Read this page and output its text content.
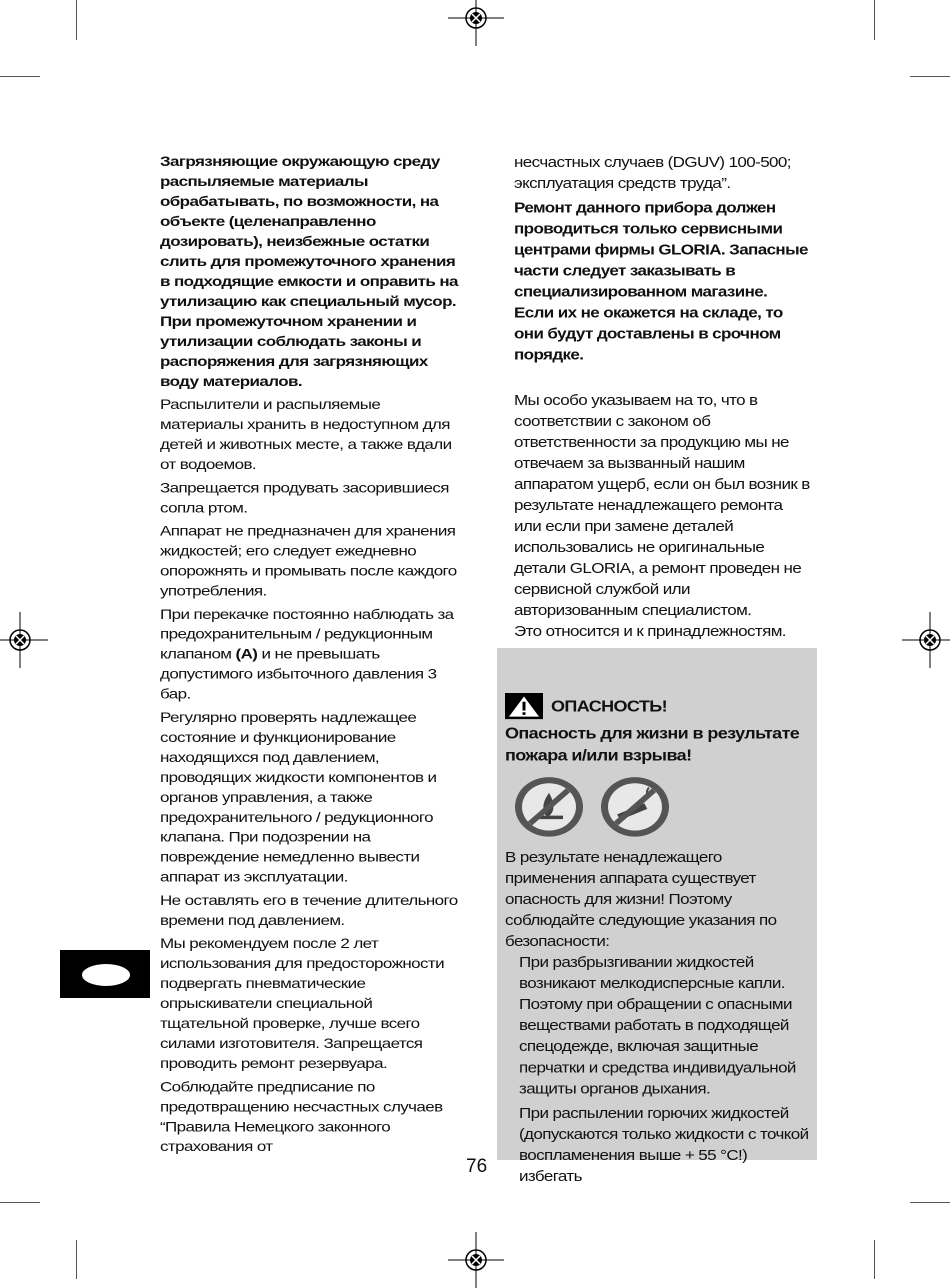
Загрязняющие окружающую среду распыляемые материалы обрабатывать, по возможности, на объекте (целенаправленно дозировать), неизбежные остатки слить для промежуточного хранения в подходящие емкости и оправить на утилизацию как специальный мусор. При промежуточном хранении и утилизации соблюдать законы и распоряжения для загрязняющих воду материалов.

Распылители и распыляемые материалы хранить в недоступном для детей и животных месте, а также вдали от водоемов.

Запрещается продувать засорившиеся сопла ртом.

Аппарат не предназначен для хранения жидкостей; его следует ежедневно опорожнять и промывать после каждого употребления.

При перекачке постоянно наблюдать за предохранительным / редукционным клапаном (A) и не превышать допустимого избыточного давления 3 бар.

Регулярно проверять надлежащее состояние и функционирование находящихся под давлением, проводящих жидкости компонентов и органов управления, а также предохранительного / редукционного клапана. При подозрении на повреждение немедленно вывести аппарат из эксплуатации.

Не оставлять его в течение длительного времени под давлением.

Мы рекомендуем после 2 лет использования для предосторожности подвергать пневматические опрыскиватели специальной тщательной проверке, лучше всего силами изготовителя. Запрещается проводить ремонт резервуара.

Соблюдайте предписание по предотвращению несчастных случаев “Правила Немецкого законного страхования от

несчастных случаев (DGUV) 100-500; эксплуатация средств труда”.

Ремонт данного прибора должен проводиться только сервисными центрами фирмы GLORIA. Запасные части следует заказывать в специализированном магазине. Если их не окажется на складе, то они будут доставлены в срочном порядке.

Мы особо указываем на то, что в соответствии с законом об ответственности за продукцию мы не отвечаем за вызванный нашим аппаратом ущерб, если он был возник в результате ненадлежащего ремонта или если при замене деталей использовались не оригинальные детали GLORIA, а ремонт проведен не сервисной службой или авторизованным специалистом.

Это относится и к принадлежностям.

ОПАСНОСТЬ!
Опасность для жизни в результате пожара и/или взрыва!

В результате ненадлежащего применения аппарата существует опасность для жизни! Поэтому соблюдайте следующие указания по безопасности:

При разбрызгивании жидкостей возникают мелкодисперсные капли. Поэтому при обращении с опасными веществами работать в подходящей спецодежде, включая защитные перчатки и средства индивидуальной защиты органов дыхания.

При распылении горючих жидкостей (допускаются только жидкости с точкой воспламенения выше + 55 °C!) избегать

76
